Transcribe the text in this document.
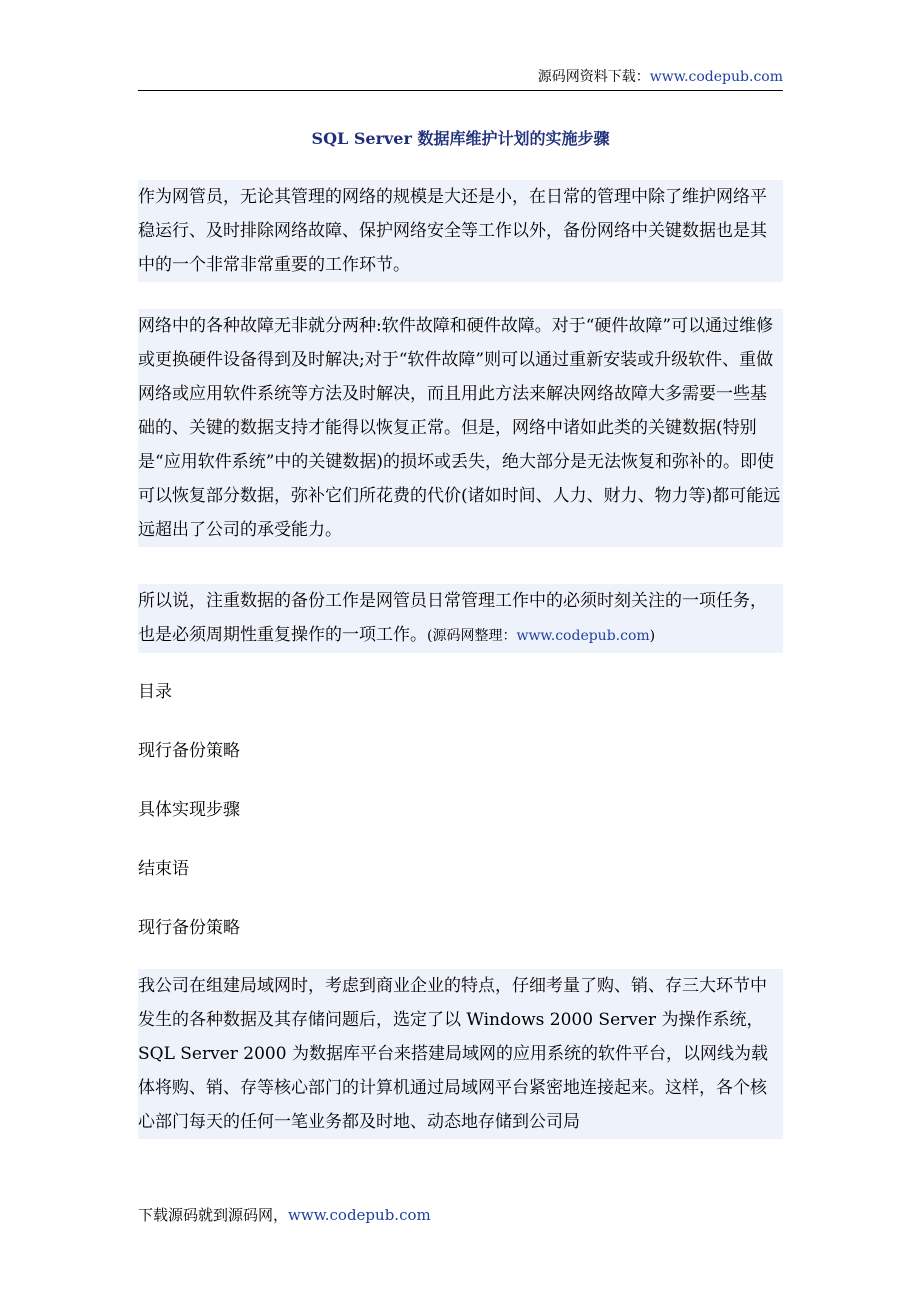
源码网资料下载：www.codepub.com
SQL Server 数据库维护计划的实施步骤

作为网管员，无论其管理的网络的规模是大还是小，在日常的管理中除了维护网络平稳运行、及时排除网络故障、保护网络安全等工作以外，备份网络中关键数据也是其中的一个非常非常重要的工作环节。

网络中的各种故障无非就分两种:软件故障和硬件故障。对于“硬件故障”可以通过维修或更换硬件设备得到及时解决;对于“软件故障”则可以通过重新安装或升级软件、重做网络或应用软件系统等方法及时解决，而且用此方法来解决网络故障大多需要一些基础的、关键的数据支持才能得以恢复正常。但是，网络中诸如此类的关键数据(特别是“应用软件系统”中的关键数据)的损坏或丢失，绝大部分是无法恢复和弥补的。即使可以恢复部分数据，弥补它们所花费的代价(诸如时间、人力、财力、物力等)都可能远远超出了公司的承受能力。

所以说，注重数据的备份工作是网管员日常管理工作中的必须时刻关注的一项任务，也是必须周期性重复操作的一项工作。(源码网整理：www.codepub.com)

目录
现行备份策略
具体实现步骤
结束语
现行备份策略

我公司在组建局域网时，考虑到商业企业的特点，仔细考量了购、销、存三大环节中发生的各种数据及其存储问题后，选定了以 Windows 2000 Server 为操作系统，SQL Server 2000 为数据库平台来搭建局域网的应用系统的软件平台，以网线为载体将购、销、存等核心部门的计算机通过局域网平台紧密地连接起来。这样，各个核心部门每天的任何一笔业务都及时地、动态地存储到公司局

下载源码就到源码网，www.codepub.com
